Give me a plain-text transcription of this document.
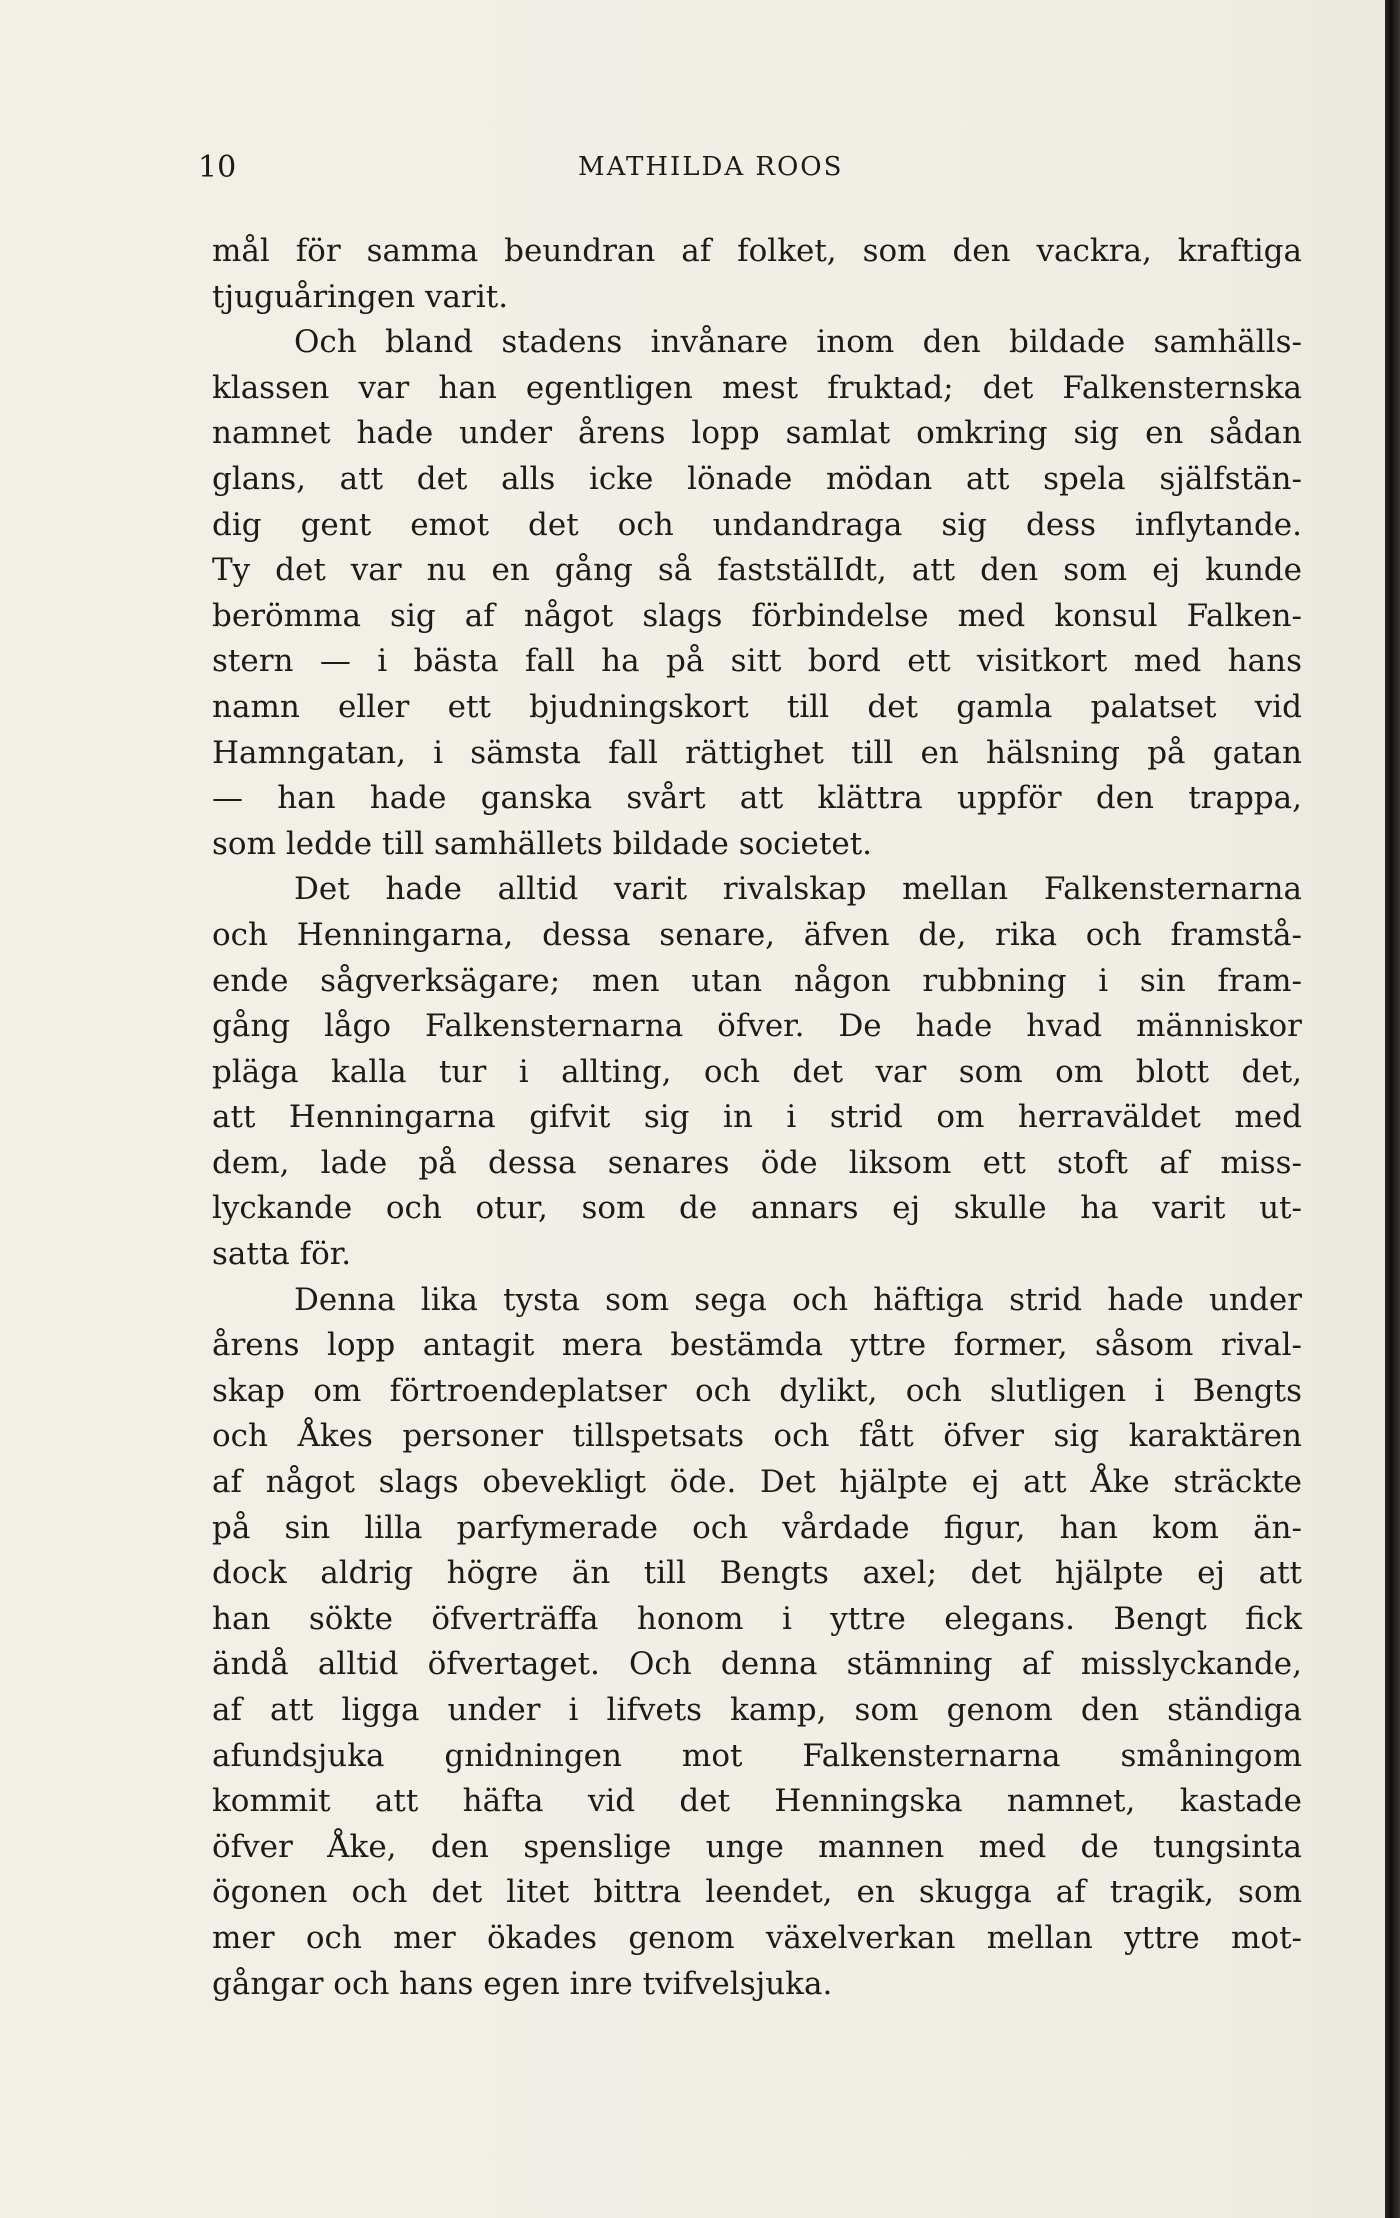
10	MATHILDA ROOS
mål för samma beundran af folket, som den vackra, kraftiga
tjuguåringen varit.
Och bland stadens invånare inom den bildade samhälls-
klassen var han egentligen mest fruktad; det Falkensternska
namnet hade under årens lopp samlat omkring sig en sådan
glans, att det alls icke lönade mödan att spela själfstän-
dig gent emot det och undandraga sig dess inflytande.
Ty det var nu en gång så faststälIdt, att den som ej kunde
berömma sig af något slags förbindelse med konsul Falken-
stern — i bästa fall ha på sitt bord ett visitkort med hans
namn eller ett bjudningskort till det gamla palatset vid
Hamngatan, i sämsta fall rättighet till en hälsning på gatan
— han hade ganska svårt att klättra uppför den trappa,
som ledde till samhällets bildade societet.
Det hade alltid varit rivalskap mellan Falkensternarna
och Henningarna, dessa senare, äfven de, rika och framstå-
ende sågverksägare; men utan någon rubbning i sin fram-
gång lågo Falkensternarna öfver. De hade hvad människor
pläga kalla tur i allting, och det var som om blott det,
att Henningarna gifvit sig in i strid om herraväldet med
dem, lade på dessa senares öde liksom ett stoft af miss-
lyckande och otur, som de annars ej skulle ha varit ut-
satta för.
Denna lika tysta som sega och häftiga strid hade under
årens lopp antagit mera bestämda yttre former, såsom rival-
skap om förtroendeplatser och dylikt, och slutligen i Bengts
och Åkes personer tillspetsats och fått öfver sig karaktären
af något slags obevekligt öde. Det hjälpte ej att Åke sträckte
på sin lilla parfymerade och vårdade figur, han kom än-
dock aldrig högre än till Bengts axel; det hjälpte ej att
han sökte öfverträffa honom i yttre elegans. Bengt fick
ändå alltid öfvertaget. Och denna stämning af misslyckande,
af att ligga under i lifvets kamp, som genom den ständiga
afundsjuka gnidningen mot Falkensternarna småningom
kommit att häfta vid det Henningska namnet, kastade
öfver Åke, den spenslige unge mannen med de tungsinta
ögonen och det litet bittra leendet, en skugga af tragik, som
mer och mer ökades genom växelverkan mellan yttre mot-
gångar och hans egen inre tvifvelsjuka.
